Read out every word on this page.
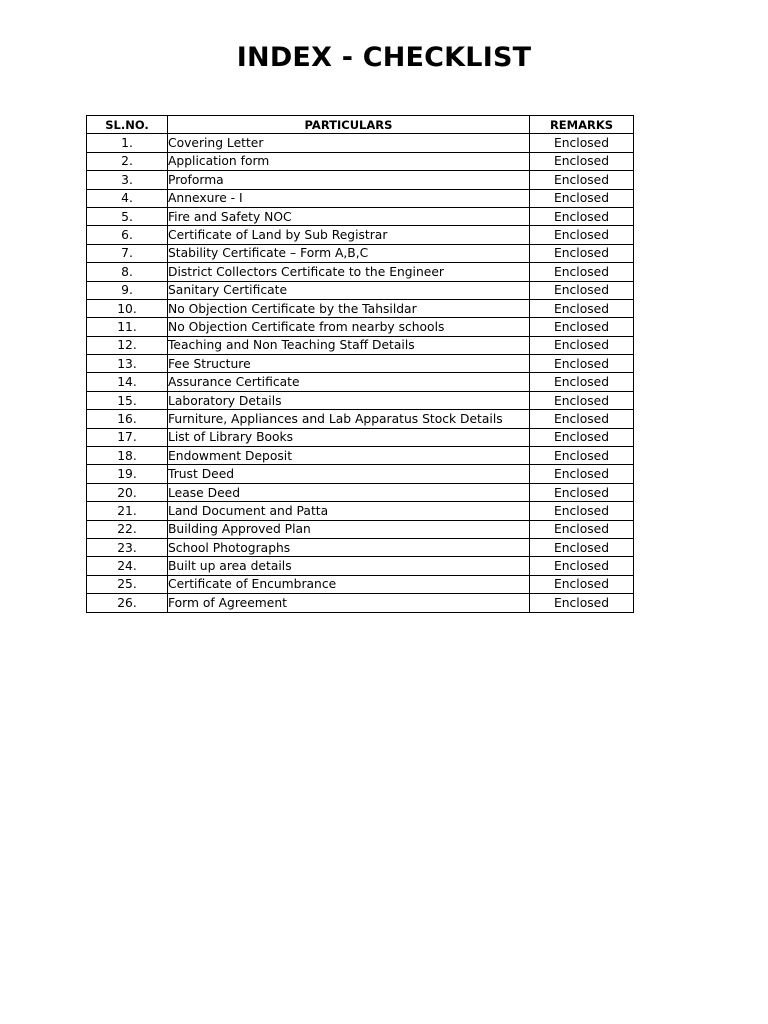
INDEX - CHECKLIST
SL.NO.	PARTICULARS	REMARKS
1.	Covering Letter	Enclosed
2.	Application form	Enclosed
3.	Proforma	Enclosed
4.	Annexure - I	Enclosed
5.	Fire and Safety NOC	Enclosed
6.	Certificate of Land by Sub Registrar	Enclosed
7.	Stability Certificate – Form A,B,C	Enclosed
8.	District Collectors Certificate to the Engineer	Enclosed
9.	Sanitary Certificate	Enclosed
10.	No Objection Certificate by the Tahsildar	Enclosed
11.	No Objection Certificate from nearby schools	Enclosed
12.	Teaching and Non Teaching Staff Details	Enclosed
13.	Fee Structure	Enclosed
14.	Assurance Certificate	Enclosed
15.	Laboratory Details	Enclosed
16.	Furniture, Appliances and Lab Apparatus Stock Details	Enclosed
17.	List of Library Books	Enclosed
18.	Endowment Deposit	Enclosed
19.	Trust Deed	Enclosed
20.	Lease Deed	Enclosed
21.	Land Document and Patta	Enclosed
22.	Building Approved Plan	Enclosed
23.	School Photographs	Enclosed
24.	Built up area details	Enclosed
25.	Certificate of Encumbrance	Enclosed
26.	Form of Agreement	Enclosed
